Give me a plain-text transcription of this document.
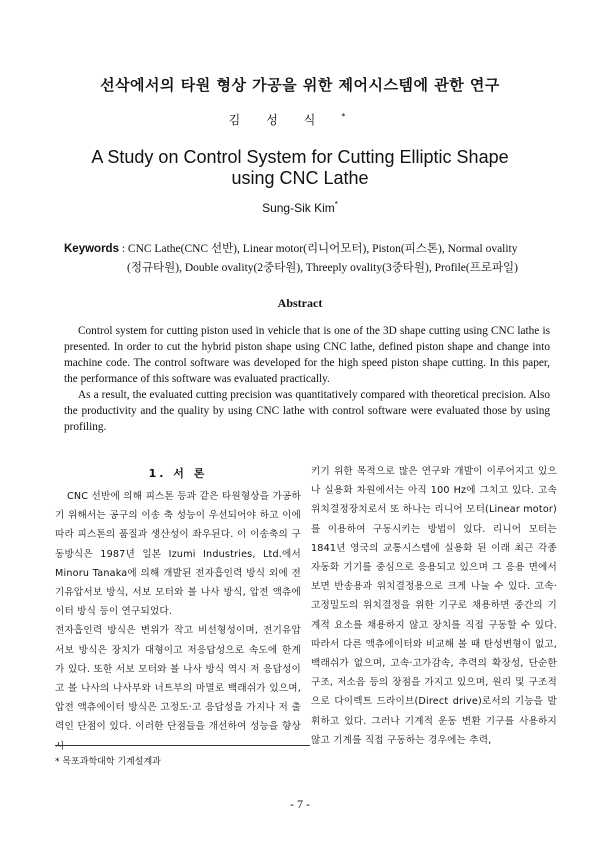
선삭에서의 타원 형상 가공을 위한 제어시스템에 관한 연구
김성식*
A Study on Control System for Cutting Elliptic Shape
using CNC Lathe
Sung-Sik Kim*
Keywords : CNC Lathe(CNC 선반), Linear motor(리니어모터), Piston(피스톤), Normal ovality
(정규타원), Double ovality(2중타원), Threeply ovality(3중타원), Profile(프로파일)
Abstract

Control system for cutting piston used in vehicle that is one of the 3D shape cutting using CNC lathe is presented. In order to cut the hybrid piston shape using CNC lathe, defined piston shape and change into machine code. The control software was developed for the high speed piston shape cutting. In this paper, the performance of this software was evaluated practically.

As a result, the evaluated cutting precision was quantitatively compared with theoretical precision. Also the productivity and the quality by using CNC lathe with control software were evaluated those by using profiling.

1. 서 론

CNC 선반에 의해 피스톤 등과 같은 타원형상을 가공하기 위해서는 공구의 이송 축 성능이 우선되어야 하고 이에 따라 피스톤의 품질과 생산성이 좌우된다. 이 이송축의 구동방식은 1987년 일본 Izumi Industries, Ltd.에서 Minoru Tanaka에 의해 개발된 전자흡인력 방식 외에 전기유압서보 방식, 서보 모터와 볼 나사 방식, 압전 액츄에이터 방식 등이 연구되었다.

전자흡인력 방식은 변위가 작고 비선형성이며, 전기유압서보 방식은 장치가 대형이고 저응답성으로 속도에 한계가 있다. 또한 서보 모터와 볼 나사 방식 역시 저 응답성이고 볼 나사의 나사부와 너트부의 마멸로 백래쉬가 있으며, 압전 액츄에이터 방식은 고정도·고 응답성을 가지나 저 출력인 단점이 있다. 이러한 단점들을 개선하여 성능을 향상시

키기 위한 목적으로 많은 연구와 개발이 이루어지고 있으나 실용화 차원에서는 아직 100 Hz에 그치고 있다. 고속위치결정장치로서 또 하나는 리니어 모터(Linear motor)를 이용하여 구동시키는 방법이 있다. 리니어 모터는 1841년 영국의 교통시스템에 실용화 된 이래 최근 각종 자동화 기기를 중심으로 응용되고 있으며 그 응용 면에서 보면 반송용과 위치결정용으로 크게 나눌 수 있다. 고속·고정밀도의 위치결정을 위한 기구로 채용하면 중간의 기계적 요소를 채용하지 않고 장치를 직접 구동할 수 있다. 따라서 다른 액츄에이터와 비교해 볼 때 탄성변형이 없고, 백래쉬가 없으며, 고속·고가감속, 추력의 확장성, 단순한 구조, 저소음 등의 장점을 가지고 있으며, 원리 및 구조적으로 다이렉트 드라이브(Direct drive)로서의 기능을 발휘하고 있다. 그러나 기계적 운동 변환 기구를 사용하지 않고 기계를 직접 구동하는 경우에는 추력,

* 목포과학대학 기계설계과
- 7 -
